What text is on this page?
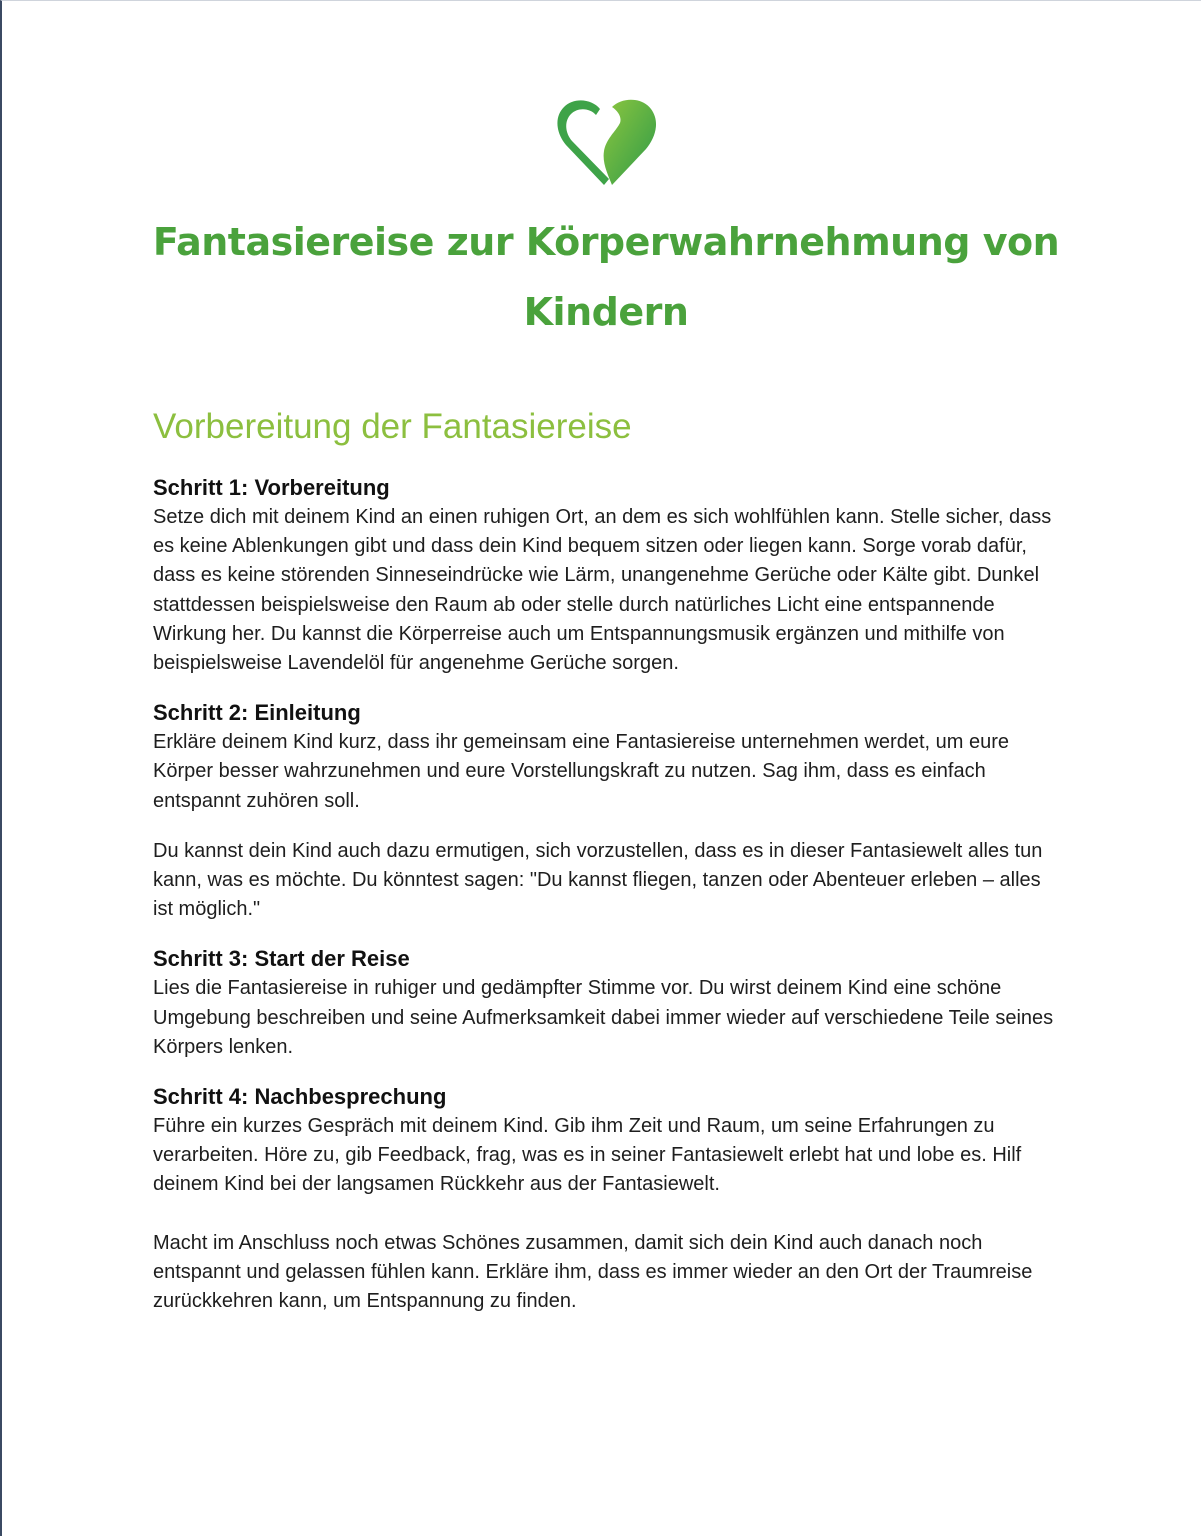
Fantasiereise zur Körperwahrnehmung von Kindern
Vorbereitung der Fantasiereise

Schritt 1: Vorbereitung

Setze dich mit deinem Kind an einen ruhigen Ort, an dem es sich wohlfühlen kann. Stelle sicher, dass es keine Ablenkungen gibt und dass dein Kind bequem sitzen oder liegen kann. Sorge vorab dafür, dass es keine störenden Sinneseindrücke wie Lärm, unangenehme Gerüche oder Kälte gibt. Dunkel stattdessen beispielsweise den Raum ab oder stelle durch natürliches Licht eine entspannende Wirkung her. Du kannst die Körperreise auch um Entspannungsmusik ergänzen und mithilfe von beispielsweise Lavendelöl für angenehme Gerüche sorgen.

Schritt 2: Einleitung

Erkläre deinem Kind kurz, dass ihr gemeinsam eine Fantasiereise unternehmen werdet, um eure Körper besser wahrzunehmen und eure Vorstellungskraft zu nutzen. Sag ihm, dass es einfach entspannt zuhören soll.

Du kannst dein Kind auch dazu ermutigen, sich vorzustellen, dass es in dieser Fantasiewelt alles tun kann, was es möchte. Du könntest sagen: "Du kannst fliegen, tanzen oder Abenteuer erleben – alles ist möglich."

Schritt 3: Start der Reise

Lies die Fantasiereise in ruhiger und gedämpfter Stimme vor. Du wirst deinem Kind eine schöne Umgebung beschreiben und seine Aufmerksamkeit dabei immer wieder auf verschiedene Teile seines Körpers lenken.

Schritt 4: Nachbesprechung

Führe ein kurzes Gespräch mit deinem Kind. Gib ihm Zeit und Raum, um seine Erfahrungen zu verarbeiten. Höre zu, gib Feedback, frag, was es in seiner Fantasiewelt erlebt hat und lobe es. Hilf deinem Kind bei der langsamen Rückkehr aus der Fantasiewelt.

Macht im Anschluss noch etwas Schönes zusammen, damit sich dein Kind auch danach noch entspannt und gelassen fühlen kann. Erkläre ihm, dass es immer wieder an den Ort der Traumreise zurückkehren kann, um Entspannung zu finden.
